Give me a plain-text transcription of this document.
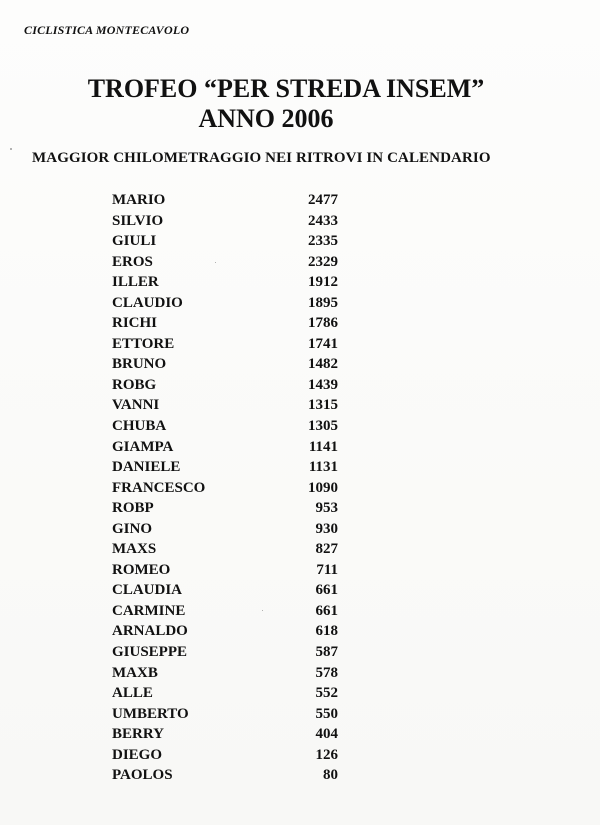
CICLISTICA MONTECAVOLO
TROFEO “PER STREDA INSEM”
ANNO 2006
MAGGIOR CHILOMETRAGGIO NEI RITROVI IN CALENDARIO
MARIO	2477
SILVIO	2433
GIULI	2335
EROS	2329
ILLER	1912
CLAUDIO	1895
RICHI	1786
ETTORE	1741
BRUNO	1482
ROBG	1439
VANNI	1315
CHUBA	1305
GIAMPA	1141
DANIELE	1131
FRANCESCO	1090
ROBP	953
GINO	930
MAXS	827
ROMEO	711
CLAUDIA	661
CARMINE	661
ARNALDO	618
GIUSEPPE	587
MAXB	578
ALLE	552
UMBERTO	550
BERRY	404
DIEGO	126
PAOLOS	80
